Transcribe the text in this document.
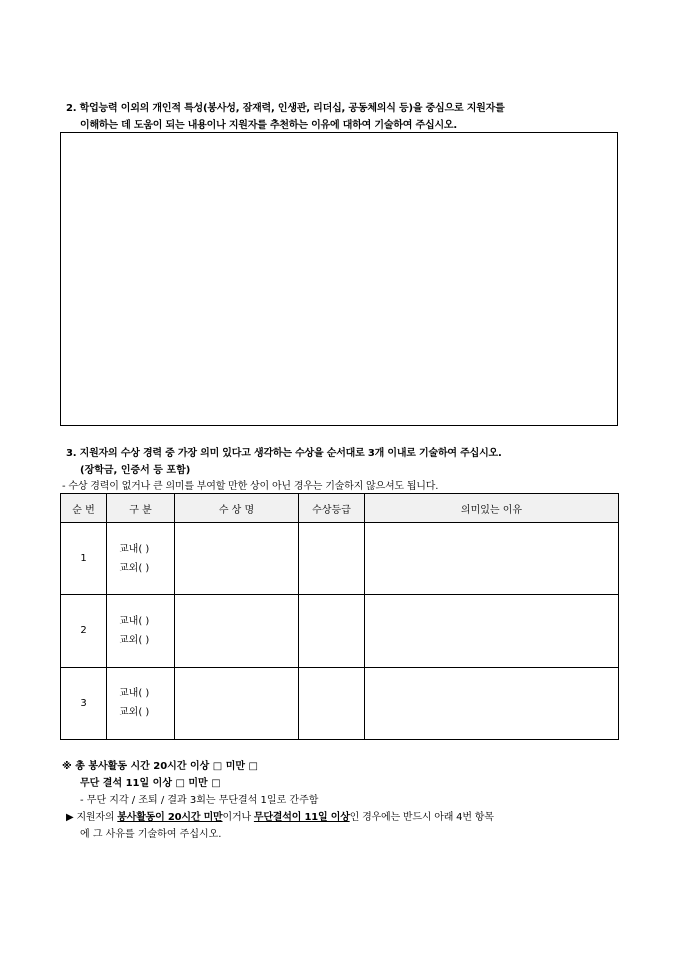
2. 학업능력 이외의 개인적 특성(봉사성, 잠재력, 인생관, 리더십, 공동체의식 등)을 중심으로 지원자를
이해하는 데 도움이 되는 내용이나 지원자를 추천하는 이유에 대하여 기술하여 주십시오.
3. 지원자의 수상 경력 중 가장 의미 있다고 생각하는 수상을 순서대로 3개 이내로 기술하여 주십시오.
(장학금, 인증서 등 포함)
- 수상 경력이 없거나 큰 의미를 부여할 만한 상이 아닌 경우는 기술하지 않으셔도 됩니다.
순 번	구 분	수 상 명	수상등급	의미있는 이유
1	교내( )
교외( )			

2	교내( )
교외( )			

3	교내( )
교외( )			

※ 총 봉사활동 시간 20시간 이상 □ 미만 □
무단 결석 11일 이상 □ 미만 □
- 무단 지각 / 조퇴 / 결과 3회는 무단결석 1일로 간주함
▶ 지원자의 봉사활동이 20시간 미만이거나 무단결석이 11일 이상인 경우에는 반드시 아래 4번 항목
에 그 사유를 기술하여 주십시오.
